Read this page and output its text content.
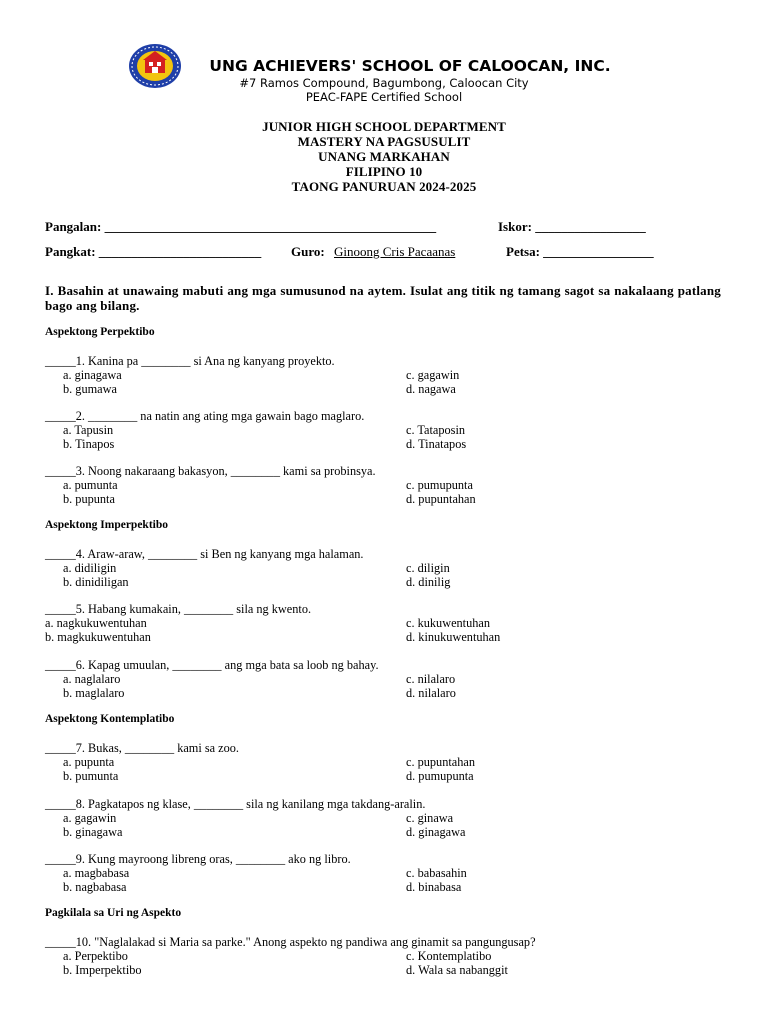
UNG ACHIEVERS' SCHOOL OF CALOOCAN, INC.
#7 Ramos Compound, Bagumbong, Caloocan City
PEAC-FAPE Certified School
JUNIOR HIGH SCHOOL DEPARTMENT
MASTERY NA PAGSUSULIT
UNANG MARKAHAN
FILIPINO 10
TAONG PANURUAN 2024-2025
Pangalan: ___________________________________________________	Iskor: _________________
Pangkat: _________________________ Guro: Ginoong Cris Pacaanas	Petsa: _________________
I. Basahin at unawaing mabuti ang mga sumusunod na aytem. Isulat ang titik ng tamang sagot sa nakalaang patlang bago ang bilang.
Aspektong Perpektibo
_____1. Kanina pa ________ si Ana ng kanyang proyekto.
a. ginagawa
b. gumawa
c. gagawin
d. nagawa
_____2. ________ na natin ang ating mga gawain bago maglaro.
a. Tapusin
b. Tinapos
c. Tataposin
d. Tinatapos
_____3. Noong nakaraang bakasyon, ________ kami sa probinsya.
a. pumunta
b. pupunta
c. pumupunta
d. pupuntahan
Aspektong Imperpektibo
_____4. Araw-araw, ________ si Ben ng kanyang mga halaman.
a. didiligin
b. dinidiligan
c. diligin
d. dinilig
_____5. Habang kumakain, ________ sila ng kwento.
a. nagkukuwentuhan
b. magkukuwentuhan
c. kukuwentuhan
d. kinukuwentuhan
_____6. Kapag umuulan, ________ ang mga bata sa loob ng bahay.
a. naglalaro
b. maglalaro
c. nilalaro
d. nilalaro
Aspektong Kontemplatibo
_____7. Bukas, ________ kami sa zoo.
a. pupunta
b. pumunta
c. pupuntahan
d. pumupunta
_____8. Pagkatapos ng klase, ________ sila ng kanilang mga takdang-aralin.
a. gagawin
b. ginagawa
c. ginawa
d. ginagawa
_____9. Kung mayroong libreng oras, ________ ako ng libro.
a. magbabasa
b. nagbabasa
c. babasahin
d. binabasa
Pagkilala sa Uri ng Aspekto
_____10. "Naglalakad si Maria sa parke." Anong aspekto ng pandiwa ang ginamit sa pangungusap?
a. Perpektibo
b. Imperpektibo
c. Kontemplatibo
d. Wala sa nabanggit
